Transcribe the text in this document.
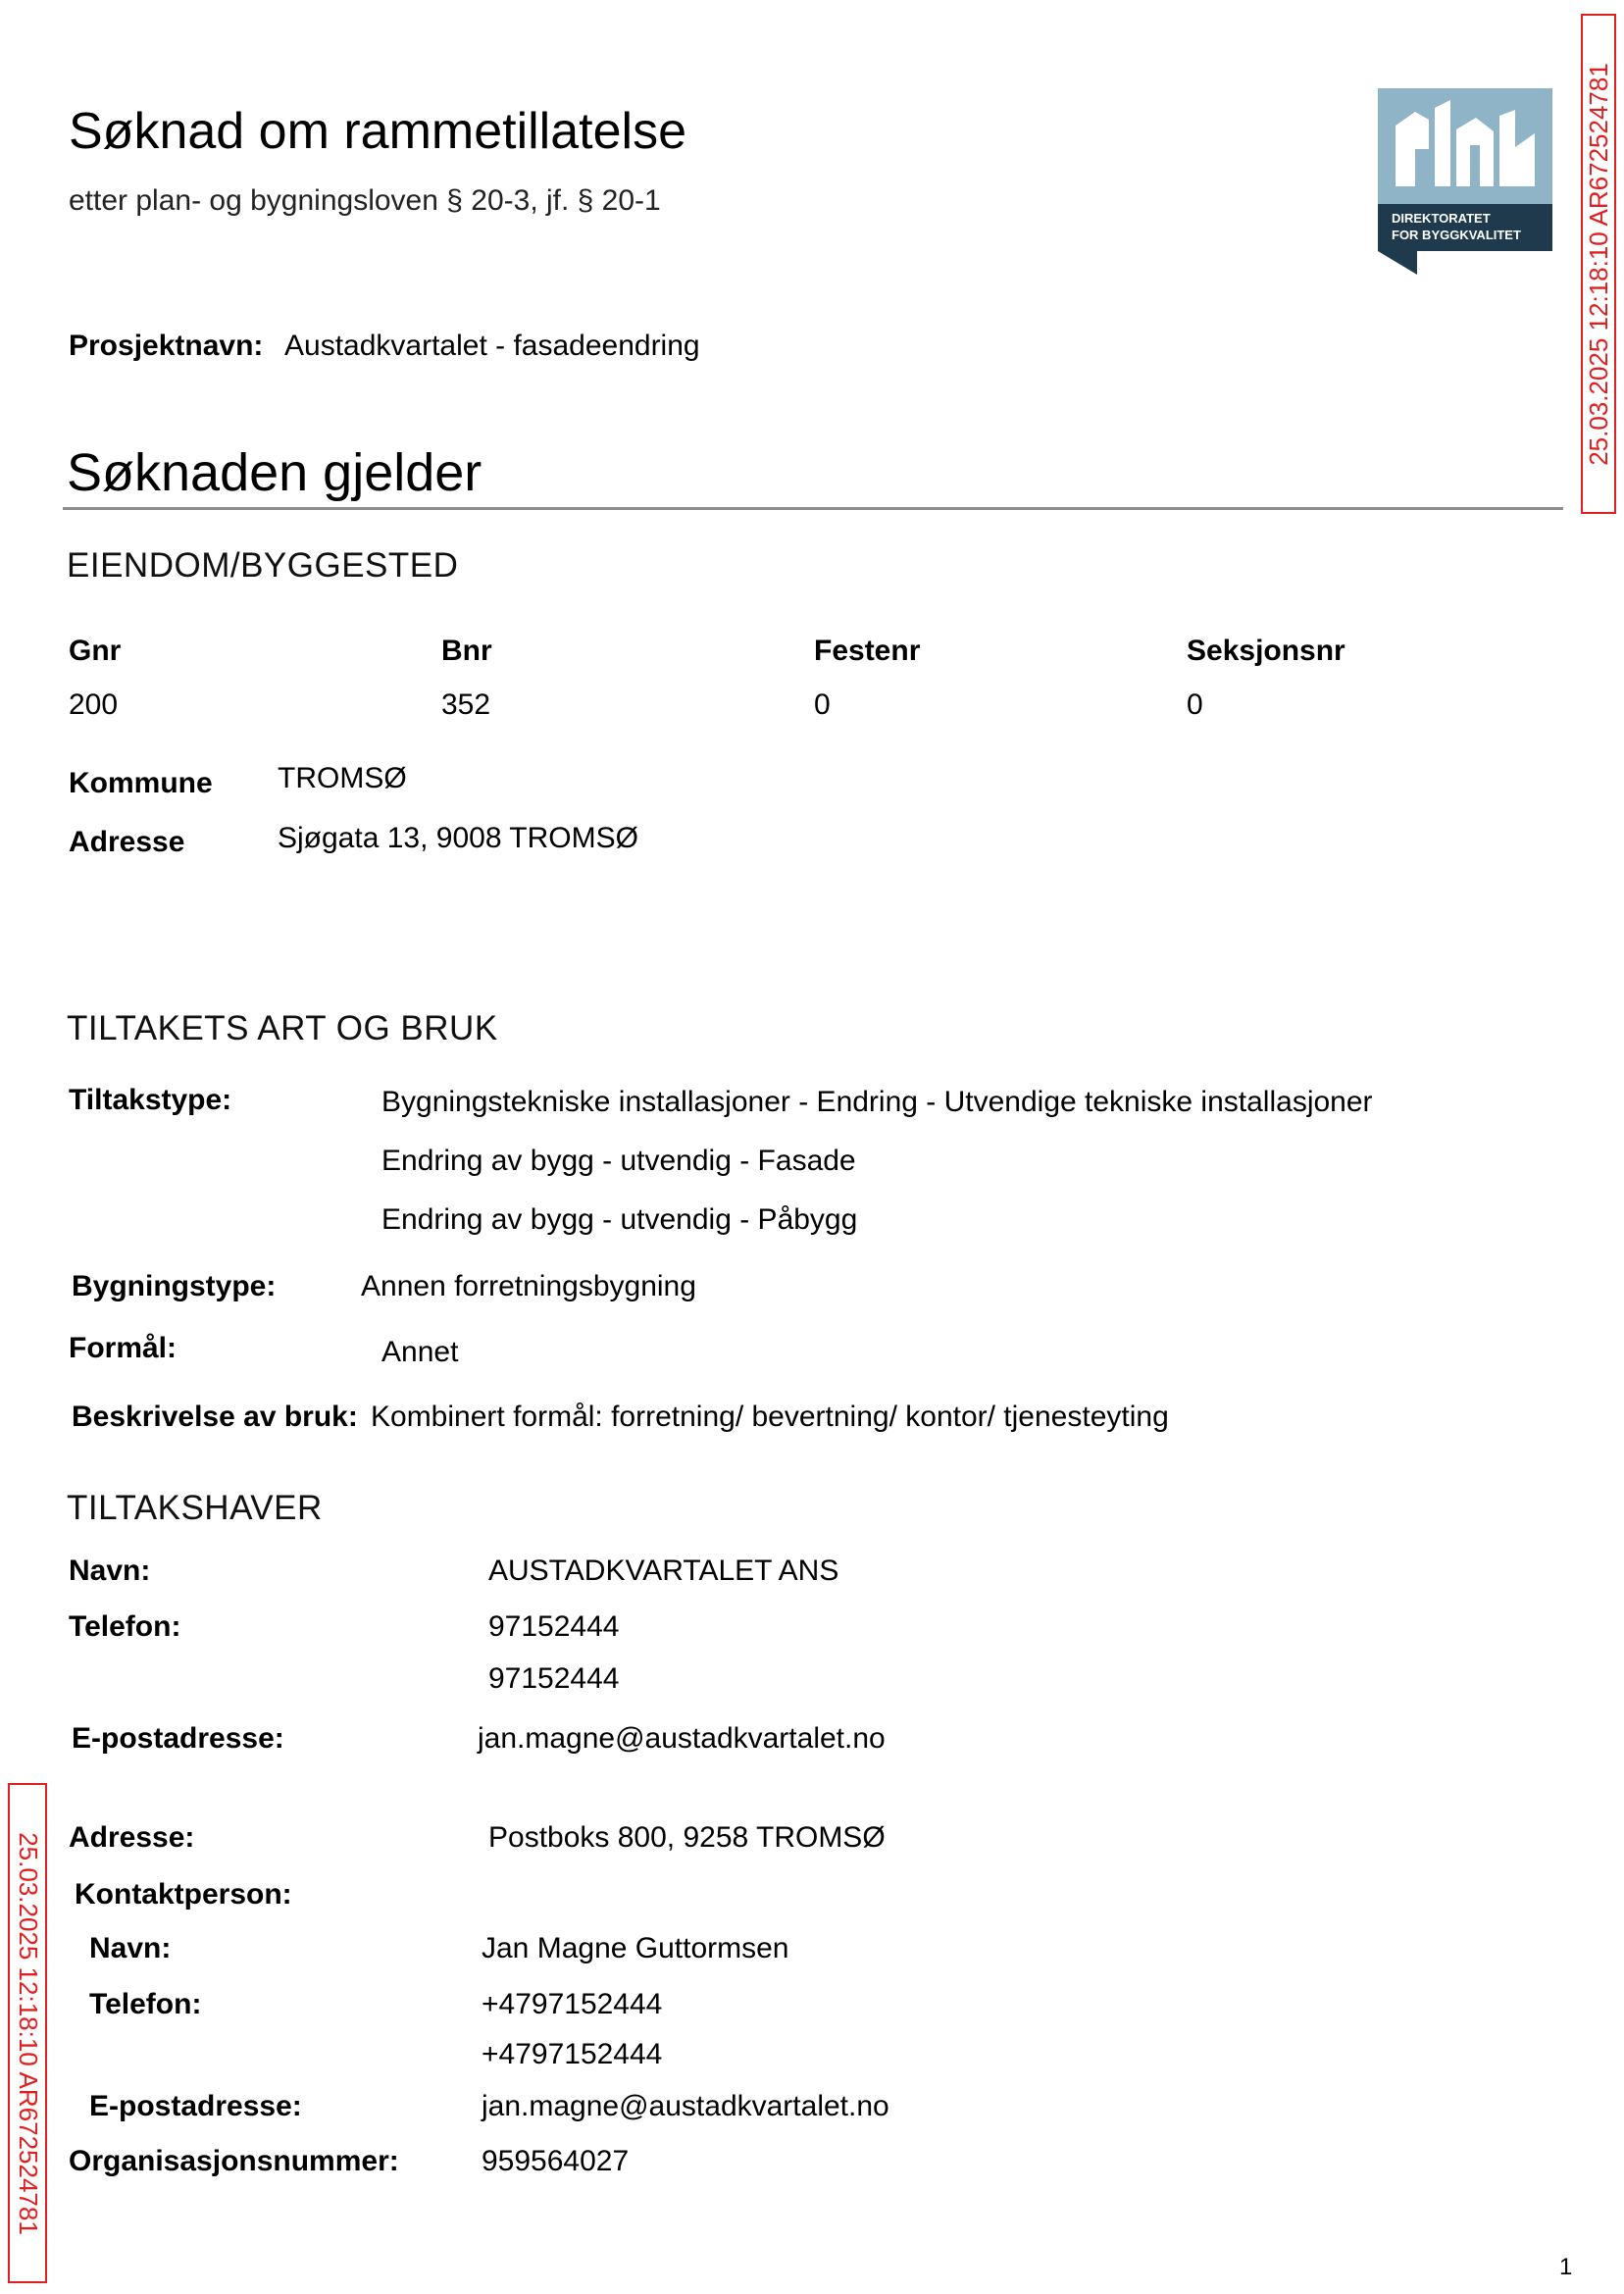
Søknad om rammetillatelse
etter plan- og bygningsloven § 20-3, jf. § 20-1
DIREKTORATET
FOR BYGGKVALITET 25.03.2025 12:18:10 AR672524781
25.03.2025 12:18:10 AR672524781
Prosjektnavn: Austadkvartalet - fasadeendring
Søknaden gjelder
EIENDOM/BYGGESTED
Gnr	Bnr	Festenr	Seksjonsnr
200	352	0	0
Kommune TROMSØ
Adresse	Sjøgata 13, 9008 TROMSØ
TILTAKETS ART OG BRUK
Tiltakstype:	Bygningstekniske installasjoner - Endring - Utvendige tekniske installasjoner
Endring av bygg - utvendig - Fasade
Endring av bygg - utvendig - Påbygg
Bygningstype:	Annen forretningsbygning
Formål:	Annet
Beskrivelse av bruk: Kombinert formål: forretning/ bevertning/ kontor/ tjenesteyting
TILTAKSHAVER
Navn:	AUSTADKVARTALET ANS
Telefon:	97152444
97152444
E-postadresse:	jan.magne@austadkvartalet.no
Adresse:	Postboks 800, 9258 TROMSØ
Kontaktperson:
Navn:	Jan Magne Guttormsen
Telefon:	+4797152444
+4797152444
E-postadresse:	jan.magne@austadkvartalet.no
Organisasjonsnummer:	959564027
1
